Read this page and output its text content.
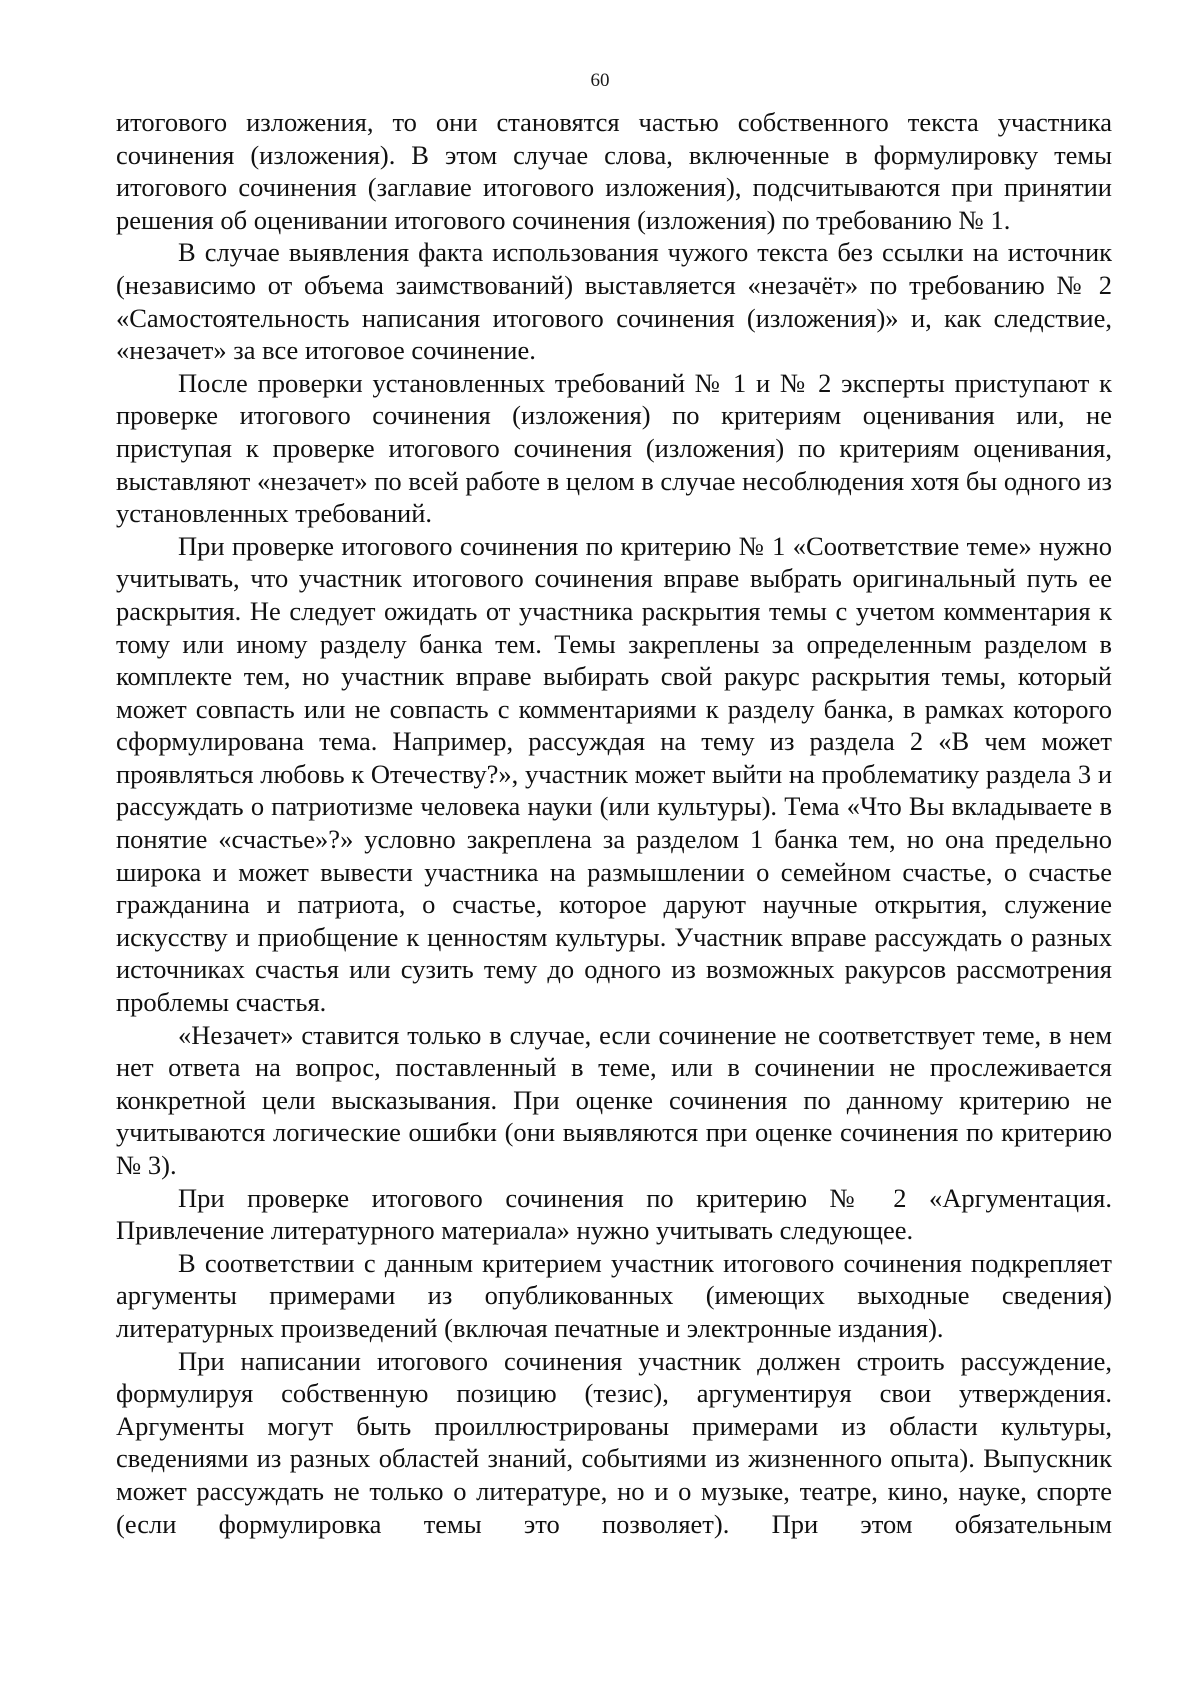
60

итогового изложения, то они становятся частью собственного текста участника сочинения (изложения). В этом случае слова, включенные в формулировку темы итогового сочинения (заглавие итогового изложения), подсчитываются при принятии решения об оценивании итогового сочинения (изложения) по требованию № 1.

В случае выявления факта использования чужого текста без ссылки на источник (независимо от объема заимствований) выставляется «незачёт» по требованию № 2 «Самостоятельность написания итогового сочинения (изложения)» и, как следствие, «незачет» за все итоговое сочинение.

После проверки установленных требований № 1 и № 2 эксперты приступают к проверке итогового сочинения (изложения) по критериям оценивания или, не приступая к проверке итогового сочинения (изложения) по критериям оценивания, выставляют «незачет» по всей работе в целом в случае несоблюдения хотя бы одного из установленных требований.

При проверке итогового сочинения по критерию № 1 «Соответствие теме» нужно учитывать, что участник итогового сочинения вправе выбрать оригинальный путь ее раскрытия. Не следует ожидать от участника раскрытия темы с учетом комментария к тому или иному разделу банка тем. Темы закреплены за определенным разделом в комплекте тем, но участник вправе выбирать свой ракурс раскрытия темы, который может совпасть или не совпасть с комментариями к разделу банка, в рамках которого сформулирована тема. Например, рассуждая на тему из раздела 2 «В чем может проявляться любовь к Отечеству?», участник может выйти на проблематику раздела 3 и рассуждать о патриотизме человека науки (или культуры). Тема «Что Вы вкладываете в понятие «счастье»?» условно закреплена за разделом 1 банка тем, но она предельно широка и может вывести участника на размышлении о семейном счастье, о счастье гражданина и патриота, о счастье, которое даруют научные открытия, служение искусству и приобщение к ценностям культуры. Участник вправе рассуждать о разных источниках счастья или сузить тему до одного из возможных ракурсов рассмотрения проблемы счастья.

«Незачет» ставится только в случае, если сочинение не соответствует теме, в нем нет ответа на вопрос, поставленный в теме, или в сочинении не прослеживается конкретной цели высказывания. При оценке сочинения по данному критерию не учитываются логические ошибки (они выявляются при оценке сочинения по критерию № 3).

При проверке итогового сочинения по критерию № 2 «Аргументация. Привлечение литературного материала» нужно учитывать следующее.

В соответствии с данным критерием участник итогового сочинения подкрепляет аргументы примерами из опубликованных (имеющих выходные сведения) литературных произведений (включая печатные и электронные издания).

При написании итогового сочинения участник должен строить рассуждение, формулируя собственную позицию (тезис), аргументируя свои утверждения. Аргументы могут быть проиллюстрированы примерами из области культуры, сведениями из разных областей знаний, событиями из жизненного опыта). Выпускник может рассуждать не только о литературе, но и о музыке, театре, кино, науке, спорте (если формулировка темы это позволяет). При этом обязательным
